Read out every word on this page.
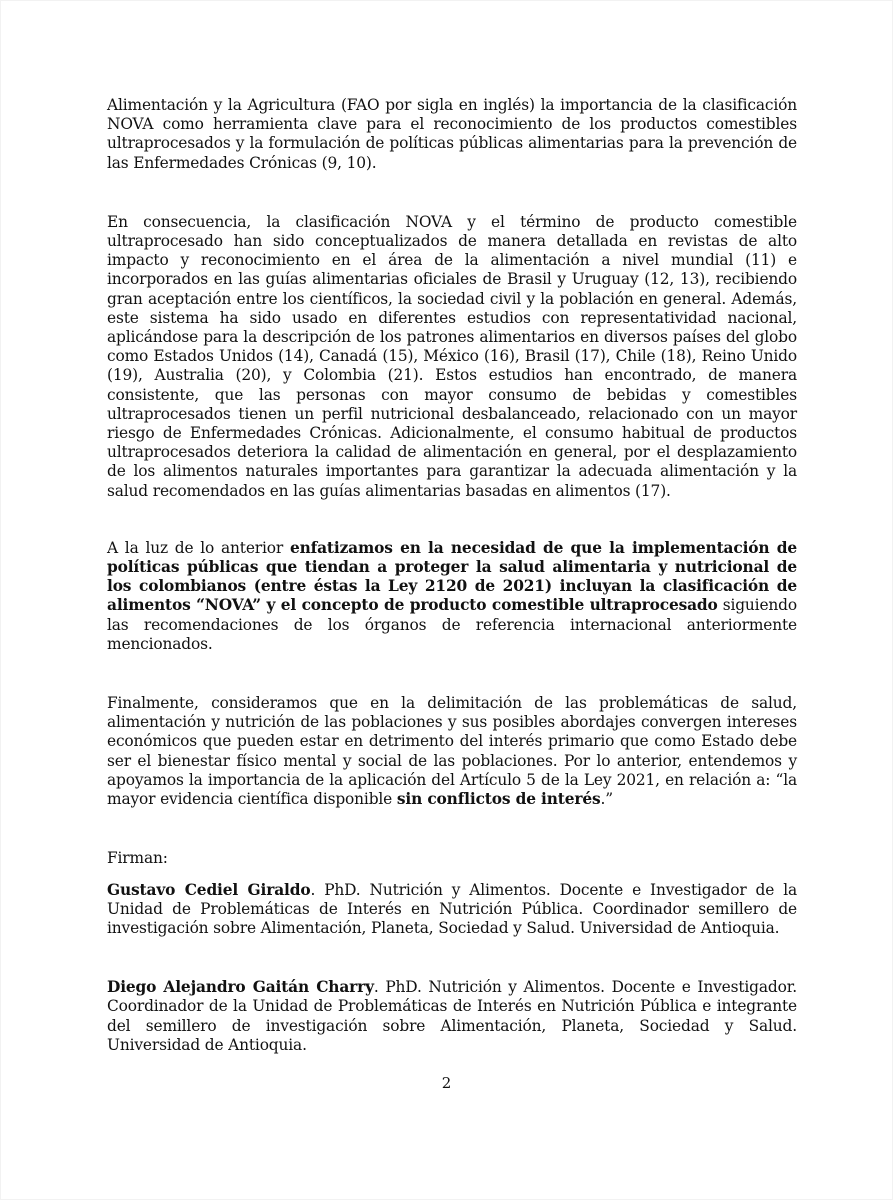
Alimentación y la Agricultura (FAO por sigla en inglés) la importancia de la clasificación NOVA como herramienta clave para el reconocimiento de los productos comestibles ultraprocesados y la formulación de políticas públicas alimentarias para la prevención de las Enfermedades Crónicas (9, 10).

En consecuencia, la clasificación NOVA y el término de producto comestible ultraprocesado han sido conceptualizados de manera detallada en revistas de alto impacto y reconocimiento en el área de la alimentación a nivel mundial (11) e incorporados en las guías alimentarias oficiales de Brasil y Uruguay (12, 13), recibiendo gran aceptación entre los científicos, la sociedad civil y la población en general. Además, este sistema ha sido usado en diferentes estudios con representatividad nacional, aplicándose para la descripción de los patrones alimentarios en diversos países del globo como Estados Unidos (14), Canadá (15), México (16), Brasil (17), Chile (18), Reino Unido (19), Australia (20), y Colombia (21). Estos estudios han encontrado, de manera consistente, que las personas con mayor consumo de bebidas y comestibles ultraprocesados tienen un perfil nutricional desbalanceado, relacionado con un mayor riesgo de Enfermedades Crónicas. Adicionalmente, el consumo habitual de productos ultraprocesados deteriora la calidad de alimentación en general, por el desplazamiento de los alimentos naturales importantes para garantizar la adecuada alimentación y la salud recomendados en las guías alimentarias basadas en alimentos (17).

A la luz de lo anterior enfatizamos en la necesidad de que la implementación de políticas públicas que tiendan a proteger la salud alimentaria y nutricional de los colombianos (entre éstas la Ley 2120 de 2021) incluyan la clasificación de alimentos “NOVA” y el concepto de producto comestible ultraprocesado siguiendo las recomendaciones de los órganos de referencia internacional anteriormente mencionados.

Finalmente, consideramos que en la delimitación de las problemáticas de salud, alimentación y nutrición de las poblaciones y sus posibles abordajes convergen intereses económicos que pueden estar en detrimento del interés primario que como Estado debe ser el bienestar físico mental y social de las poblaciones. Por lo anterior, entendemos y apoyamos la importancia de la aplicación del Artículo 5 de la Ley 2021, en relación a: “la mayor evidencia científica disponible sin conflictos de interés.”

Firman:

Gustavo Cediel Giraldo. PhD. Nutrición y Alimentos. Docente e Investigador de la Unidad de Problemáticas de Interés en Nutrición Pública. Coordinador semillero de investigación sobre Alimentación, Planeta, Sociedad y Salud. Universidad de Antioquia.

Diego Alejandro Gaitán Charry. PhD. Nutrición y Alimentos. Docente e Investigador. Coordinador de la Unidad de Problemáticas de Interés en Nutrición Pública e integrante del semillero de investigación sobre Alimentación, Planeta, Sociedad y Salud. Universidad de Antioquia.

2
